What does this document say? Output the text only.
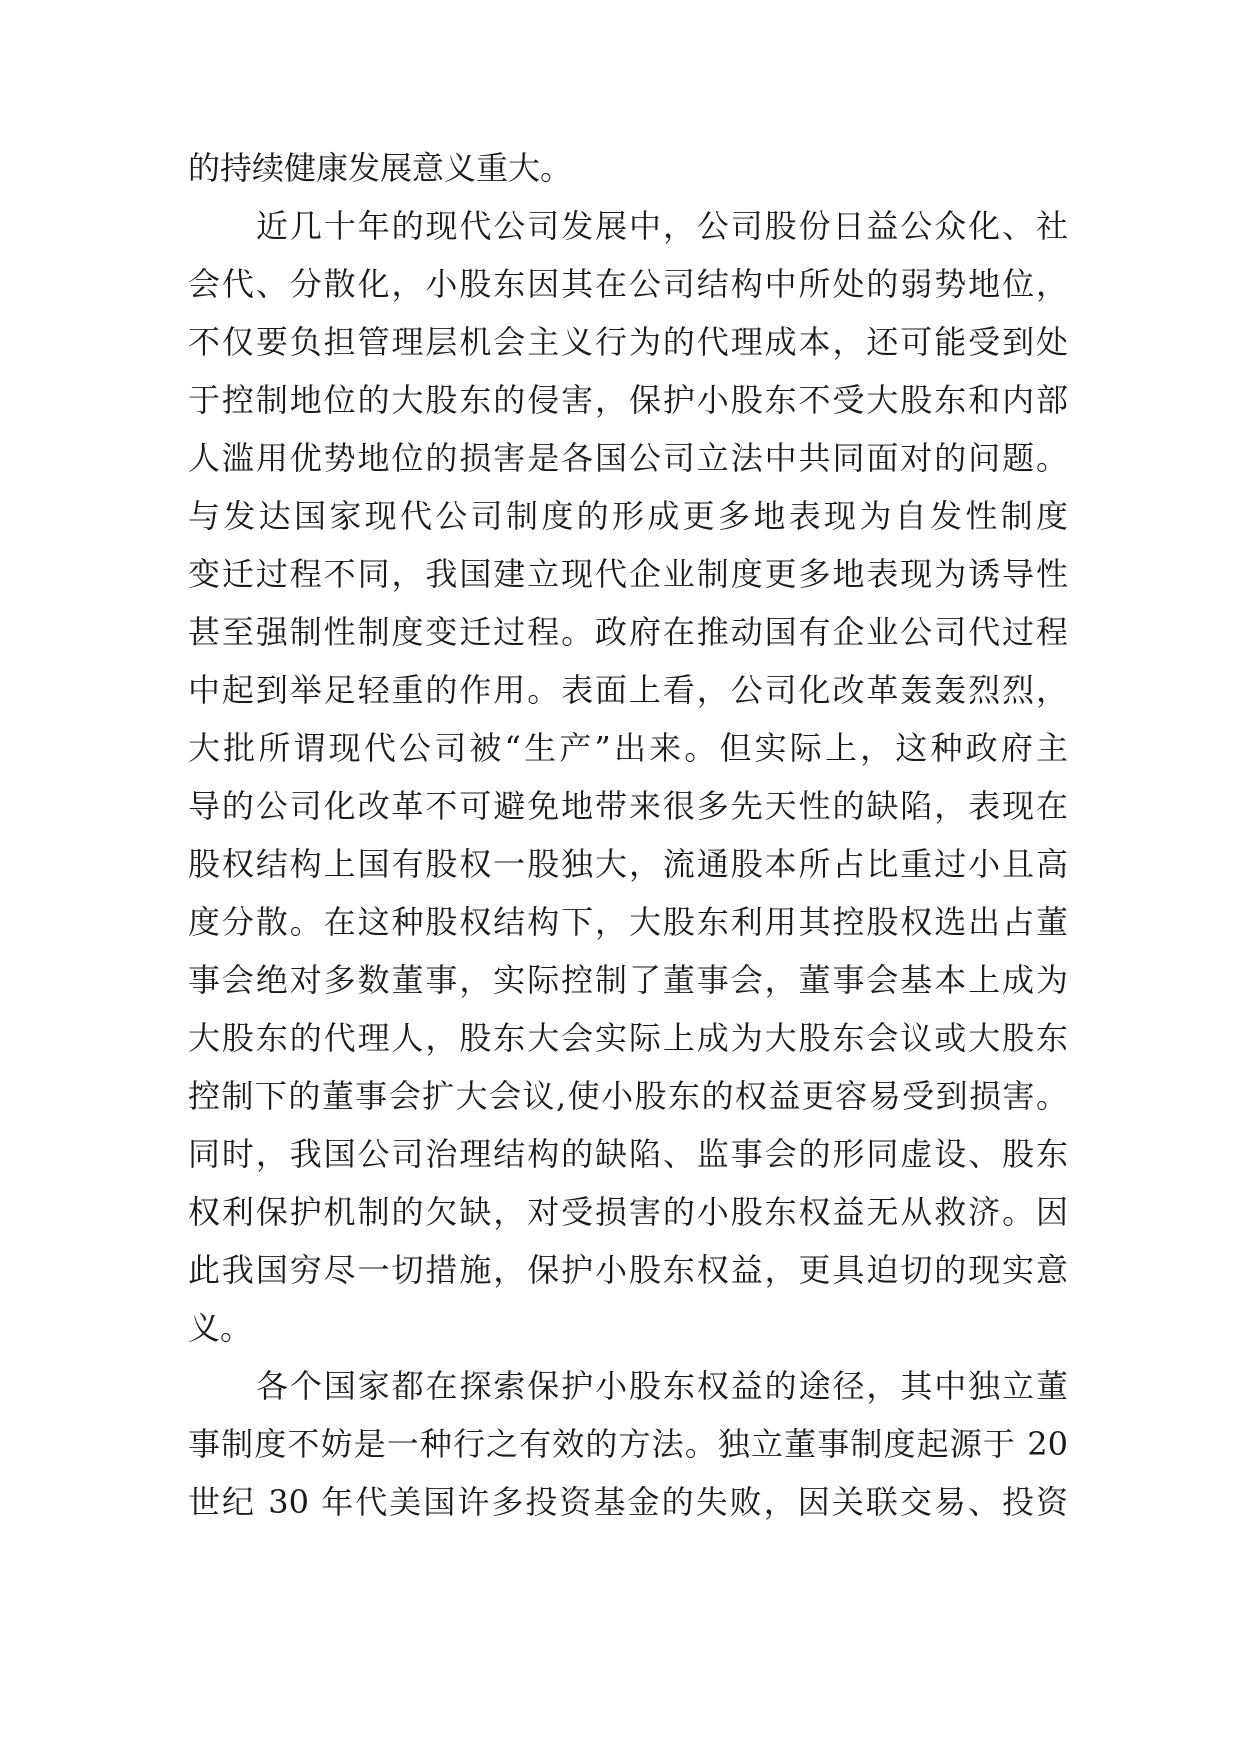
的持续健康发展意义重大。
近几十年的现代公司发展中，公司股份日益公众化、社
会代、分散化，小股东因其在公司结构中所处的弱势地位，
不仅要负担管理层机会主义行为的代理成本，还可能受到处
于控制地位的大股东的侵害，保护小股东不受大股东和内部
人滥用优势地位的损害是各国公司立法中共同面对的问题。
与发达国家现代公司制度的形成更多地表现为自发性制度
变迁过程不同，我国建立现代企业制度更多地表现为诱导性
甚至强制性制度变迁过程。政府在推动国有企业公司代过程
中起到举足轻重的作用。表面上看，公司化改革轰轰烈烈，
大批所谓现代公司被“生产”出来。但实际上，这种政府主
导的公司化改革不可避免地带来很多先天性的缺陷，表现在
股权结构上国有股权一股独大，流通股本所占比重过小且高
度分散。在这种股权结构下，大股东利用其控股权选出占董
事会绝对多数董事，实际控制了董事会，董事会基本上成为
大股东的代理人，股东大会实际上成为大股东会议或大股东
控制下的董事会扩大会议,使小股东的权益更容易受到损害。
同时，我国公司治理结构的缺陷、监事会的形同虚设、股东
权利保护机制的欠缺，对受损害的小股东权益无从救济。因
此我国穷尽一切措施，保护小股东权益，更具迫切的现实意
义。
各个国家都在探索保护小股东权益的途径，其中独立董
事制度不妨是一种行之有效的方法。独立董事制度起源于 20
世纪 30 年代美国许多投资基金的失败，因关联交易、投资
